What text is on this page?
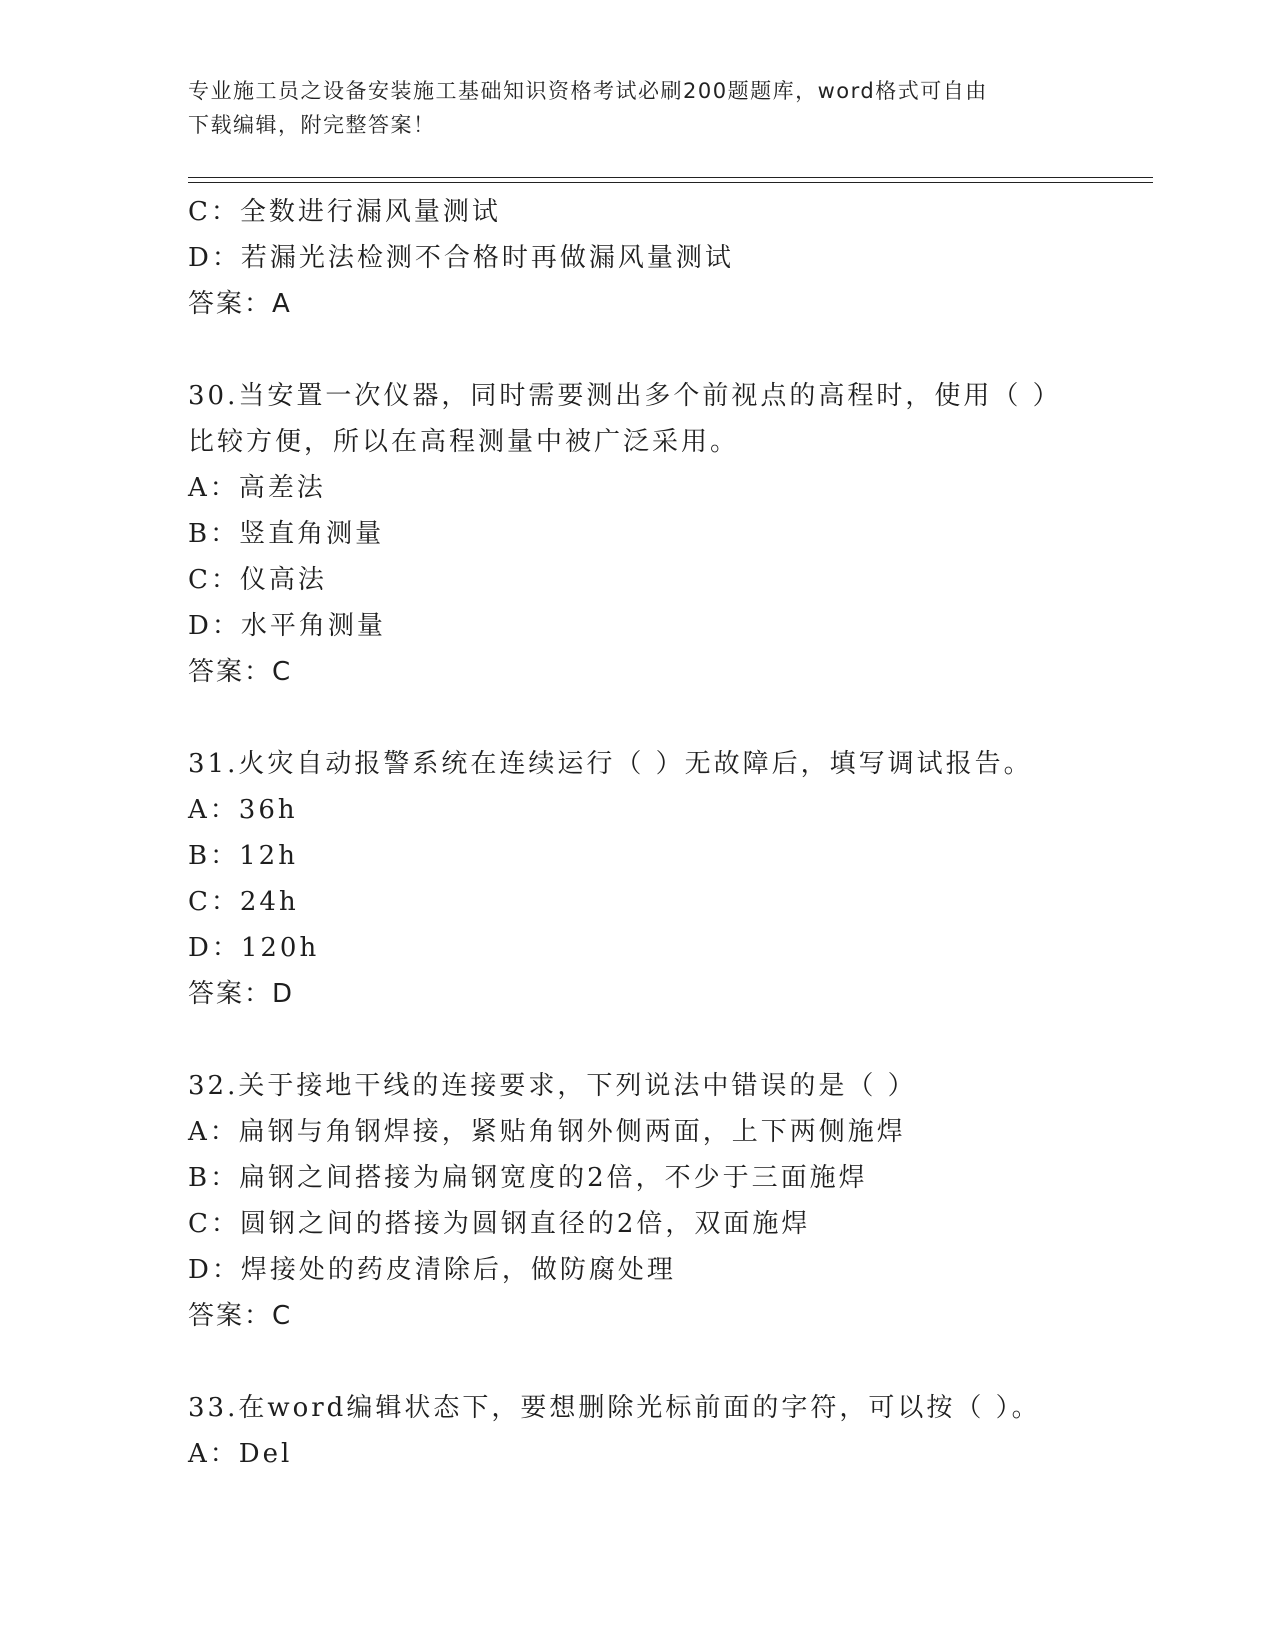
专业施工员之设备安装施工基础知识资格考试必刷200题题库，word格式可自由
下载编辑，附完整答案！
C：全数进行漏风量测试
D：若漏光法检测不合格时再做漏风量测试
答案：A
30.当安置一次仪器，同时需要测出多个前视点的高程时，使用（ ）
比较方便，所以在高程测量中被广泛采用。
A：高差法
B：竖直角测量
C：仪高法
D：水平角测量
答案：C
31.火灾自动报警系统在连续运行（ ）无故障后，填写调试报告。
A：36h
B：12h
C：24h
D：120h
答案：D
32.关于接地干线的连接要求，下列说法中错误的是（ ）
A：扁钢与角钢焊接，紧贴角钢外侧两面，上下两侧施焊
B：扁钢之间搭接为扁钢宽度的2倍，不少于三面施焊
C：圆钢之间的搭接为圆钢直径的2倍，双面施焊
D：焊接处的药皮清除后，做防腐处理
答案：C
33.在word编辑状态下，要想删除光标前面的字符，可以按（ ）。
A：Del
